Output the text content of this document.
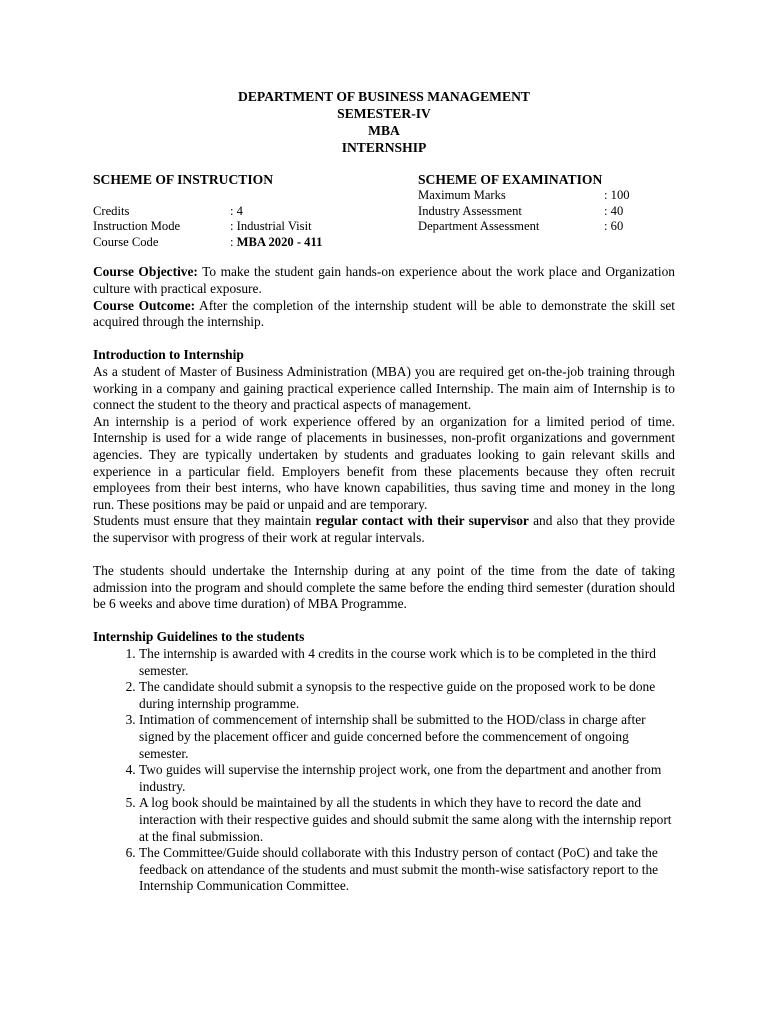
DEPARTMENT OF BUSINESS MANAGEMENT
SEMESTER-IV
MBA
INTERNSHIP
SCHEME OF INSTRUCTION
Credits	: 4
Instruction Mode	: Industrial Visit
Course Code	: MBA 2020 - 411
SCHEME OF EXAMINATION
Maximum Marks	: 100
Industry Assessment	: 40
Department Assessment	: 60

Course Objective: To make the student gain hands-on experience about the work place and Organization culture with practical exposure.

Course Outcome: After the completion of the internship student will be able to demonstrate the skill set acquired through the internship.

Introduction to Internship

As a student of Master of Business Administration (MBA) you are required get on-the-job training through working in a company and gaining practical experience called Internship. The main aim of Internship is to connect the student to the theory and practical aspects of management.

An internship is a period of work experience offered by an organization for a limited period of time. Internship is used for a wide range of placements in businesses, non-profit organizations and government agencies. They are typically undertaken by students and graduates looking to gain relevant skills and experience in a particular field. Employers benefit from these placements because they often recruit employees from their best interns, who have known capabilities, thus saving time and money in the long run. These positions may be paid or unpaid and are temporary.

Students must ensure that they maintain regular contact with their supervisor and also that they provide the supervisor with progress of their work at regular intervals.

The students should undertake the Internship during at any point of the time from the date of taking admission into the program and should complete the same before the ending third semester (duration should be 6 weeks and above time duration) of MBA Programme.

Internship Guidelines to the students
1. The internship is awarded with 4 credits in the course work which is to be completed in the third semester.
2. The candidate should submit a synopsis to the respective guide on the proposed work to be done during internship programme.
3. Intimation of commencement of internship shall be submitted to the HOD/class in charge after signed by the placement officer and guide concerned before the commencement of ongoing semester.
4. Two guides will supervise the internship project work, one from the department and another from industry.
5. A log book should be maintained by all the students in which they have to record the date and interaction with their respective guides and should submit the same along with the internship report at the final submission.
6. The Committee/Guide should collaborate with this Industry person of contact (PoC) and take the feedback on attendance of the students and must submit the month-wise satisfactory report to the Internship Communication Committee.
